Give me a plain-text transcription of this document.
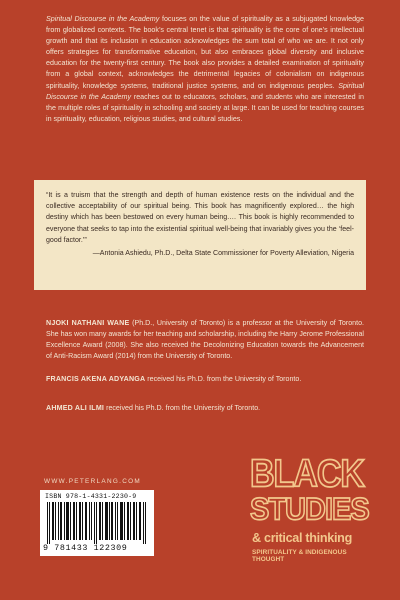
Spiritual Discourse in the Academy focuses on the value of spirituality as a subjugated knowledge from globalized contexts. The book’s central tenet is that spirituality is the core of one’s intellectual growth and that its inclusion in education acknowledges the sum total of who we are. It not only offers strategies for transformative education, but also embraces global diversity and inclusive education for the twenty-first century. The book also provides a detailed examination of spirituality from a global context, acknowledges the detrimental legacies of colonialism on indigenous spirituality, knowledge systems, traditional justice systems, and on indigenous peoples. Spiritual Discourse in the Academy reaches out to educators, scholars, and students who are interested in the multiple roles of spirituality in schooling and society at large. It can be used for teaching courses in spirituality, education, religious studies, and cultural studies.
“It is a truism that the strength and depth of human existence rests on the individual and the collective acceptability of our spiritual being. This book has magnificently explored… the high destiny which has been bestowed on every human being.… This book is highly recommended to everyone that seeks to tap into the existential spiritual well-being that invariably gives you the ‘feel-good factor.’”
—Antonia Ashiedu, Ph.D., Delta State Commissioner for Poverty Alleviation, Nigeria
NJOKI NATHANI WANE (Ph.D., University of Toronto) is a professor at the University of Toronto. She has won many awards for her teaching and scholarship, including the Harry Jerome Professional Excellence Award (2008). She also received the Decolonizing Education towards the Advancement of Anti-Racism Award (2014) from the University of Toronto.
FRANCIS AKENA ADYANGA received his Ph.D. from the University of Toronto.
AHMED ALI ILMI received his Ph.D. from the University of Toronto.
WWW.PETERLANG.COM
ISBN 978-1-4331-2230-9
9 781433 122309
BLACK
STUDIES
& critical thinking
SPIRITUALITY & INDIGENOUS THOUGHT
